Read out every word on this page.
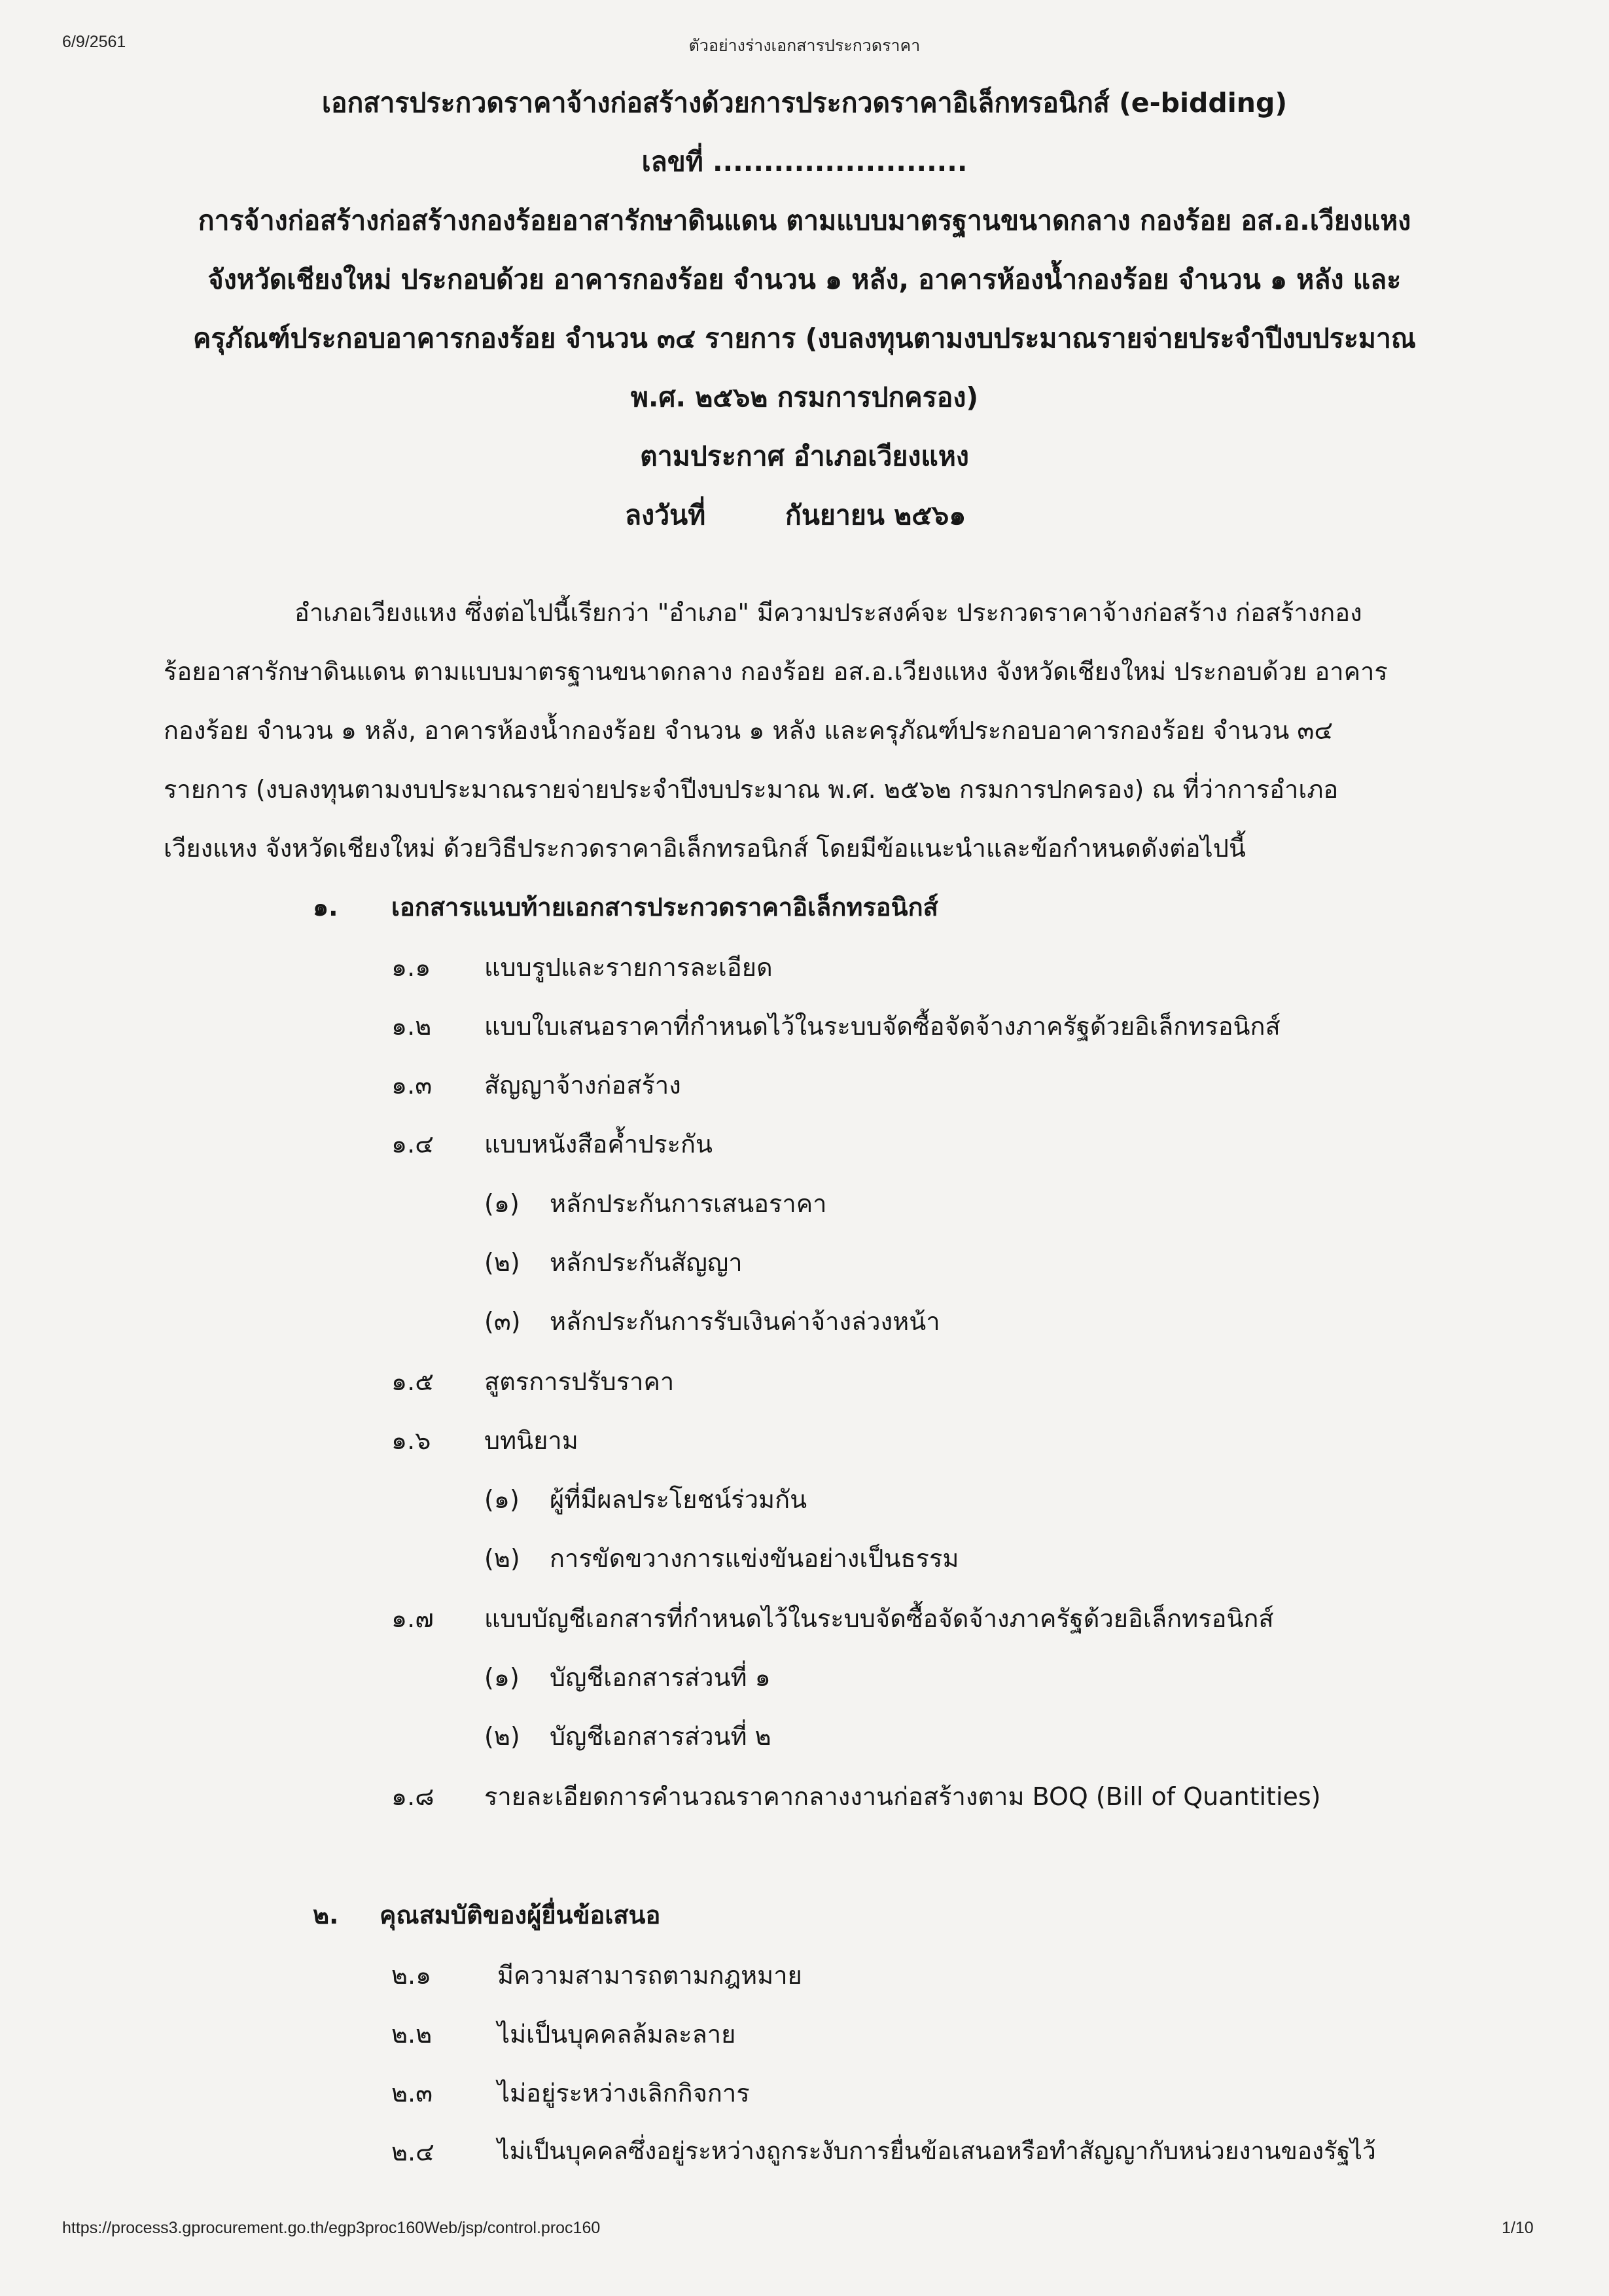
6/9/2561	ตัวอย่างร่างเอกสารประกวดราคา
เอกสารประกวดราคาจ้างก่อสร้างด้วยการประกวดราคาอิเล็กทรอนิกส์ (e-bidding)
เลขที่ .........................
การจ้างก่อสร้างก่อสร้างกองร้อยอาสารักษาดินแดน ตามแบบมาตรฐานขนาดกลาง กองร้อย อส.อ.เวียงแหง
จังหวัดเชียงใหม่ ประกอบด้วย อาคารกองร้อย จำนวน ๑ หลัง, อาคารห้องน้ำกองร้อย จำนวน ๑ หลัง และ
ครุภัณฑ์ประกอบอาคารกองร้อย จำนวน ๓๔ รายการ (งบลงทุนตามงบประมาณรายจ่ายประจำปีงบประมาณ
พ.ศ. ๒๕๖๒ กรมการปกครอง)
ตามประกาศ อำเภอเวียงแหง
ลงวันที่	กันยายน ๒๕๖๑
อำเภอเวียงแหง ซึ่งต่อไปนี้เรียกว่า "อำเภอ" มีความประสงค์จะ ประกวดราคาจ้างก่อสร้าง ก่อสร้างกอง
ร้อยอาสารักษาดินแดน ตามแบบมาตรฐานขนาดกลาง กองร้อย อส.อ.เวียงแหง จังหวัดเชียงใหม่ ประกอบด้วย อาคาร
กองร้อย จำนวน ๑ หลัง, อาคารห้องน้ำกองร้อย จำนวน ๑ หลัง และครุภัณฑ์ประกอบอาคารกองร้อย จำนวน ๓๔
รายการ (งบลงทุนตามงบประมาณรายจ่ายประจำปีงบประมาณ พ.ศ. ๒๕๖๒ กรมการปกครอง) ณ ที่ว่าการอำเภอ
เวียงแหง จังหวัดเชียงใหม่ ด้วยวิธีประกวดราคาอิเล็กทรอนิกส์ โดยมีข้อแนะนำและข้อกำหนดดังต่อไปนี้
๑. เอกสารแนบท้ายเอกสารประกวดราคาอิเล็กทรอนิกส์
๑.๑ แบบรูปและรายการละเอียด
๑.๒ แบบใบเสนอราคาที่กำหนดไว้ในระบบจัดซื้อจัดจ้างภาครัฐด้วยอิเล็กทรอนิกส์
๑.๓ สัญญาจ้างก่อสร้าง
๑.๔ แบบหนังสือค้ำประกัน
(๑) หลักประกันการเสนอราคา
(๒) หลักประกันสัญญา
(๓) หลักประกันการรับเงินค่าจ้างล่วงหน้า
๑.๕ สูตรการปรับราคา
๑.๖ บทนิยาม
(๑) ผู้ที่มีผลประโยชน์ร่วมกัน
(๒) การขัดขวางการแข่งขันอย่างเป็นธรรม
๑.๗ แบบบัญชีเอกสารที่กำหนดไว้ในระบบจัดซื้อจัดจ้างภาครัฐด้วยอิเล็กทรอนิกส์
(๑) บัญชีเอกสารส่วนที่ ๑
(๒) บัญชีเอกสารส่วนที่ ๒
๑.๘ รายละเอียดการคำนวณราคากลางงานก่อสร้างตาม BOQ (Bill of Quantities)
๒. คุณสมบัติของผู้ยื่นข้อเสนอ
๒.๑	มีความสามารถตามกฎหมาย
๒.๒	ไม่เป็นบุคคลล้มละลาย
๒.๓	ไม่อยู่ระหว่างเลิกกิจการ
๒.๔	ไม่เป็นบุคคลซึ่งอยู่ระหว่างถูกระงับการยื่นข้อเสนอหรือทำสัญญากับหน่วยงานของรัฐไว้
https://process3.gprocurement.go.th/egp3proc160Web/jsp/control.proc160	1/10
